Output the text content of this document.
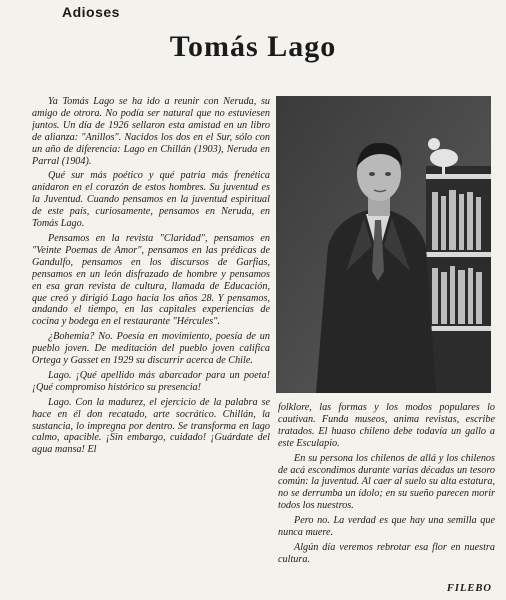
Adioses
Tomás Lago

Ya Tomás Lago se ha ido a reunir con Neruda, su amigo de otrora. No podía ser natural que no estuviesen juntos. Un día de 1926 sellaron esta amistad en un libro de alianza: "Anillos". Nacidos los dos en el Sur, sólo con un año de diferencia: Lago en Chillán (1903), Neruda en Parral (1904).

Qué sur más poético y qué patria más frenética anidaron en el corazón de estos hombres. Su juventud es la Juventud. Cuando pensamos en la juventud espiritual de este país, curiosamente, pensamos en Neruda, en Tomás Lago.

Pensamos en la revista "Claridad", pensamos en "Veinte Poemas de Amor", pensamos en las prédicas de Gandulfo, pensamos en los discursos de Garfias, pensamos en un león disfrazado de hombre y pensamos en esa gran revista de cultura, llamada de Educación, que creó y dirigió Lago hacia los años 28. Y pensamos, andando el tiempo, en las capitales experiencias de cocina y bodega en el restaurante "Hércules".

¿Bohemia? No. Poesía en movimiento, poesía de un pueblo joven. De meditación del pueblo joven califica Ortega y Gasset en 1929 su discurrir acerca de Chile.

Lago. ¡Qué apellido más abarcador para un poeta! ¡Qué compromiso histórico su presencia!

Lago. Con la madurez, el ejercicio de la palabra se hace en él don recatado, arte socrático. Chillán, la sustancia, lo impregna por dentro. Se transforma en lago calmo, apacible. ¡Sin embargo, cuidado! ¡Guárdate del agua mansa! El

folklore, las formas y los modos populares lo cautivan. Funda museos, anima revistas, escribe tratados. El huaso chileno debe todavía un gallo a este Esculapio.

En su persona los chilenos de allá y los chilenos de acá escondimos durante varias décadas un tesoro común: la juventud. Al caer al suelo su alta estatura, no se derrumba un ídolo; en su sueño parecen morir todos los nuestros.

Pero no. La verdad es que hay una semilla que nunca muere.

Algún día veremos rebrotar esa flor en nuestra cultura.

FILEBO
